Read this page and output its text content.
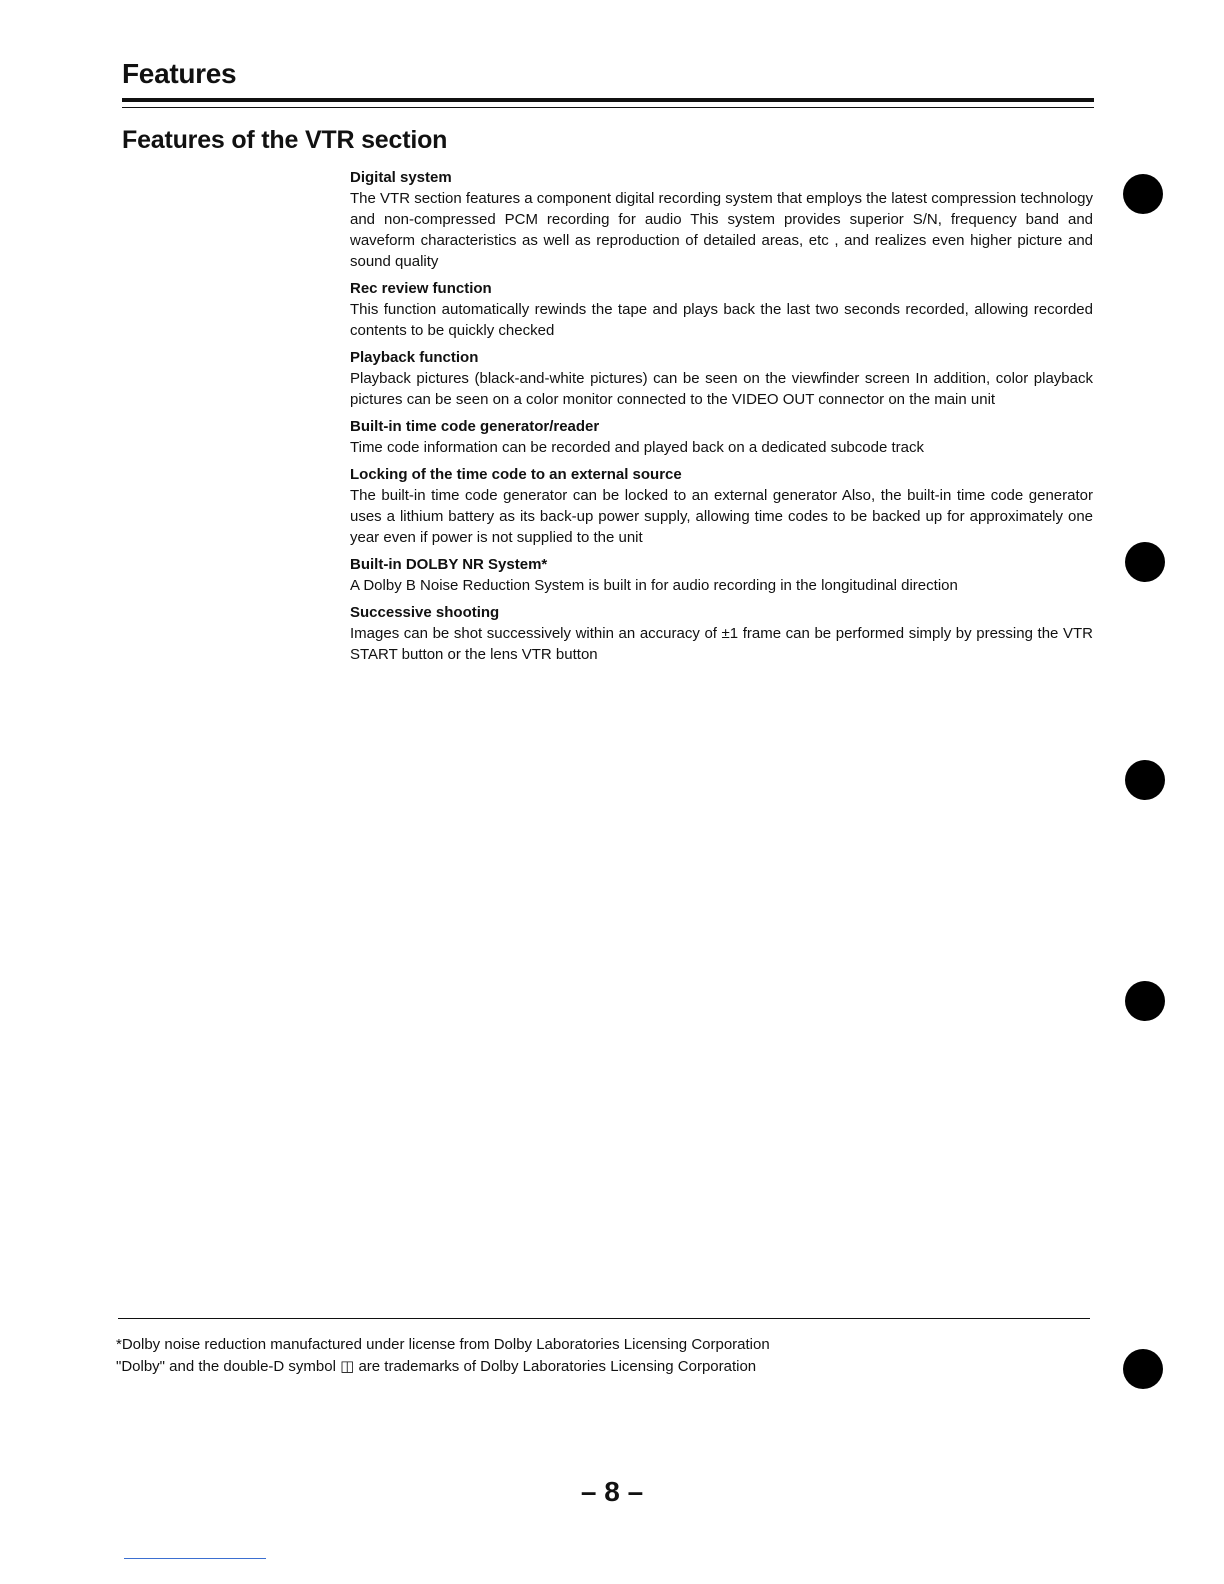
Features
Features of the VTR section
Digital system
The VTR section features a component digital recording system that employs the latest compression technology and non-compressed PCM recording for audio This system provides superior S/N, frequency band and waveform characteristics as well as reproduction of detailed areas, etc , and realizes even higher picture and sound quality
Rec review function
This function automatically rewinds the tape and plays back the last two seconds recorded, allowing recorded contents to be quickly checked
Playback function
Playback pictures (black-and-white pictures) can be seen on the viewfinder screen In addition, color playback pictures can be seen on a color monitor connected to the VIDEO OUT connector on the main unit
Built-in time code generator/reader
Time code information can be recorded and played back on a dedicated subcode track
Locking of the time code to an external source
The built-in time code generator can be locked to an external generator Also, the built-in time code generator uses a lithium battery as its back-up power supply, allowing time codes to be backed up for approximately one year even if power is not supplied to the unit
Built-in DOLBY NR System*
A Dolby B Noise Reduction System is built in for audio recording in the longitudinal direction
Successive shooting
Images can be shot successively within an accuracy of ±1 frame can be performed simply by pressing the VTR START button or the lens VTR button
*Dolby noise reduction manufactured under license from Dolby Laboratories Licensing Corporation
"Dolby" and the double-D symbol ◫ are trademarks of Dolby Laboratories Licensing Corporation
– 8 –
